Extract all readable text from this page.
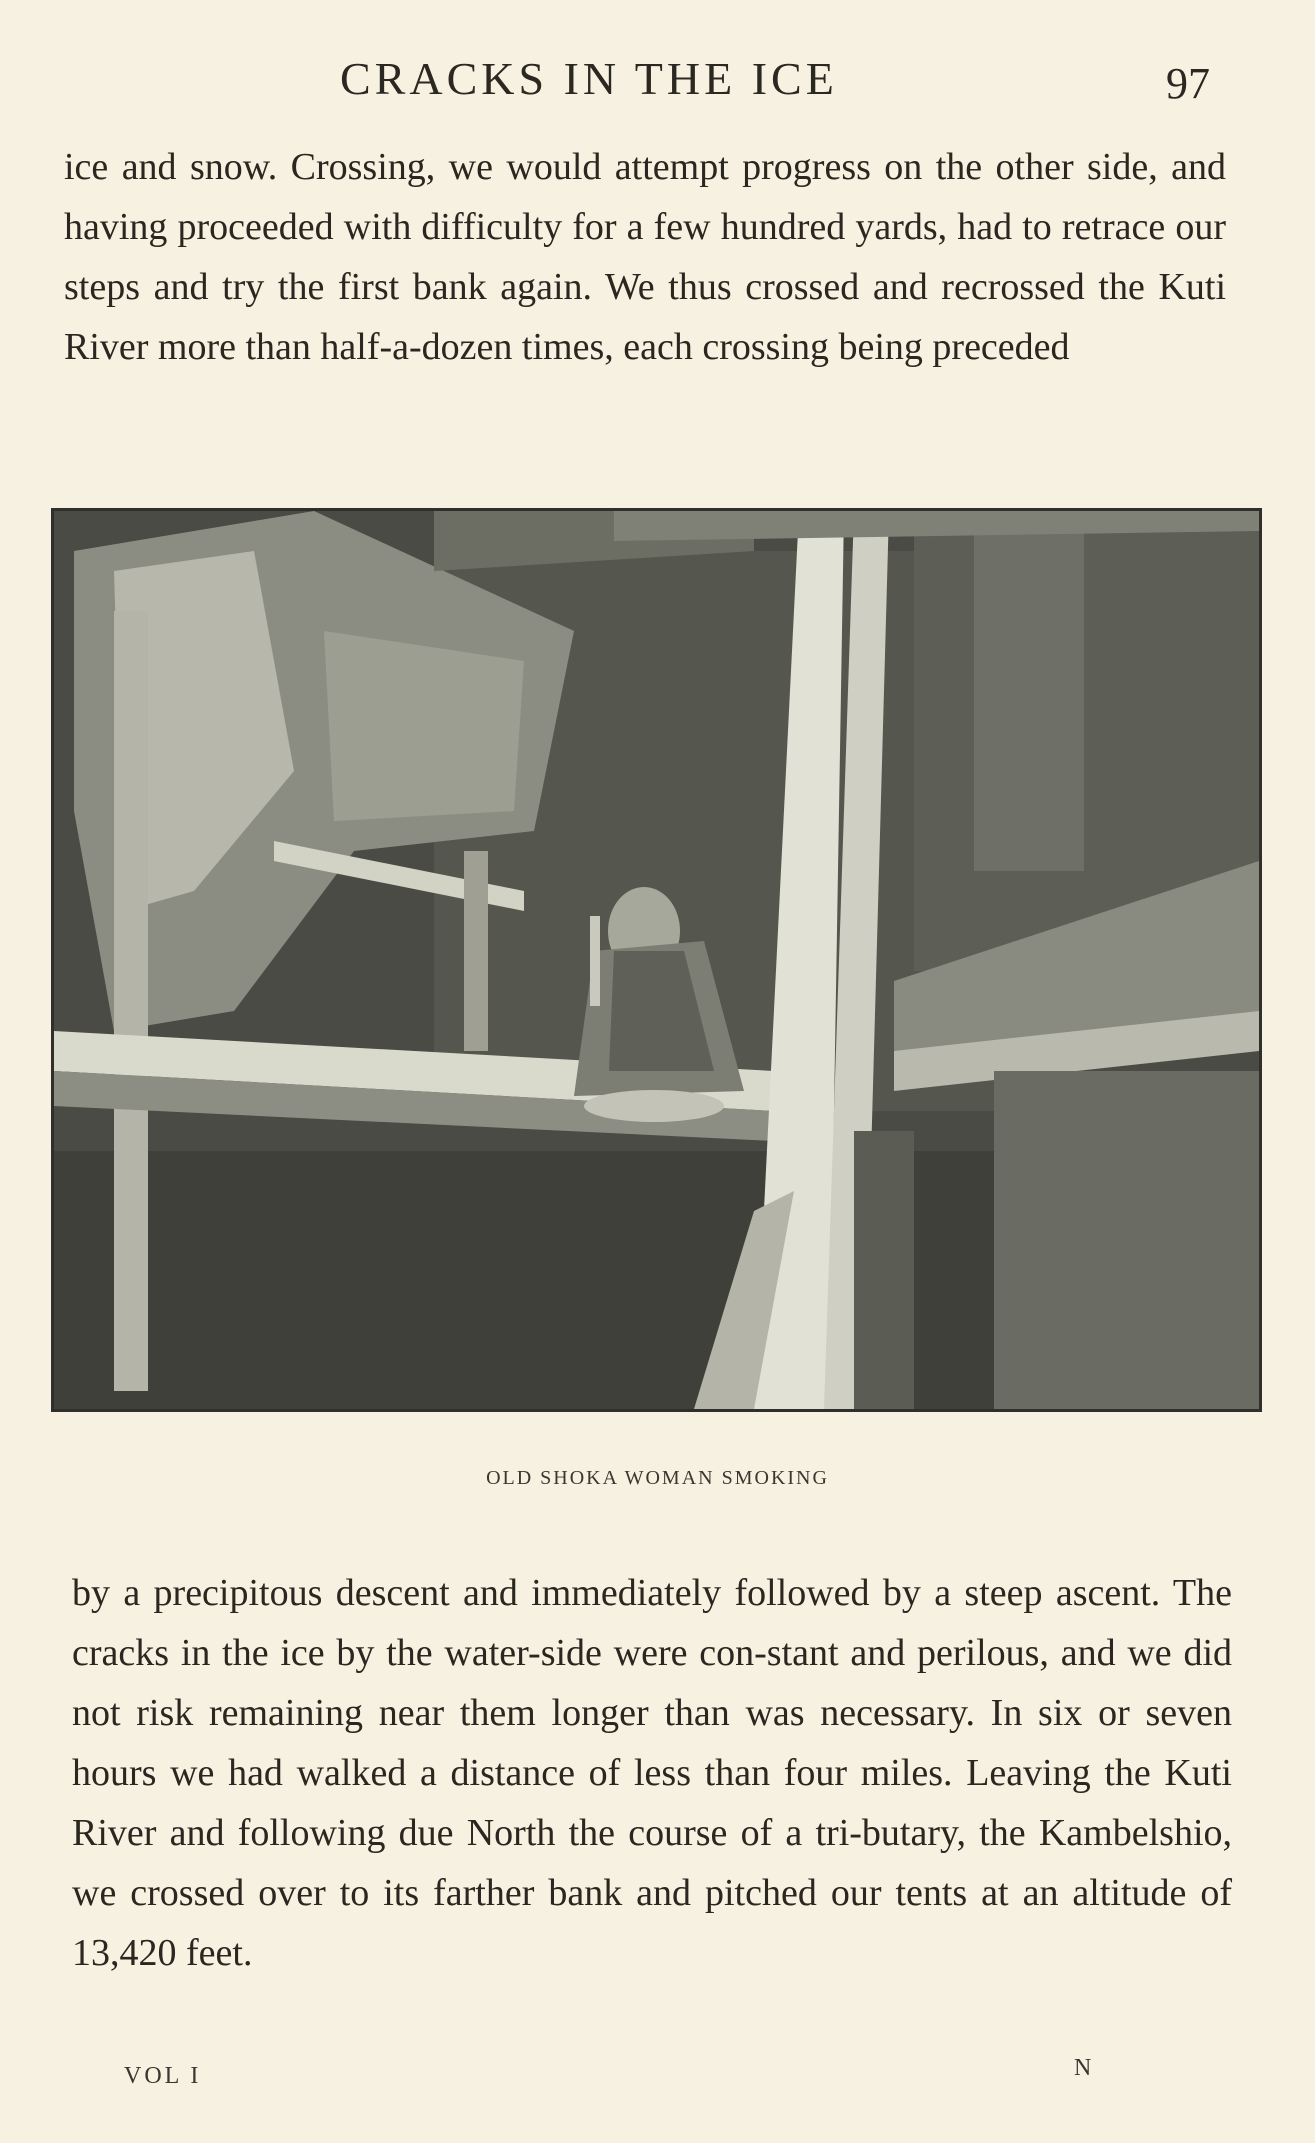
CRACKS IN THE ICE	97

ice and snow. Crossing, we would attempt progress on the other side, and having proceeded with difficulty for a few hundred yards, had to retrace our steps and try the first bank again. We thus crossed and recrossed the Kuti River more than half-a-dozen times, each crossing being preceded

OLD SHOKA WOMAN SMOKING

by a precipitous descent and immediately followed by a steep ascent. The cracks in the ice by the water-side were con-stant and perilous, and we did not risk remaining near them longer than was necessary. In six or seven hours we had walked a distance of less than four miles. Leaving the Kuti River and following due North the course of a tri-butary, the Kambelshio, we crossed over to its farther bank and pitched our tents at an altitude of 13,420 feet.

VOL I	N
